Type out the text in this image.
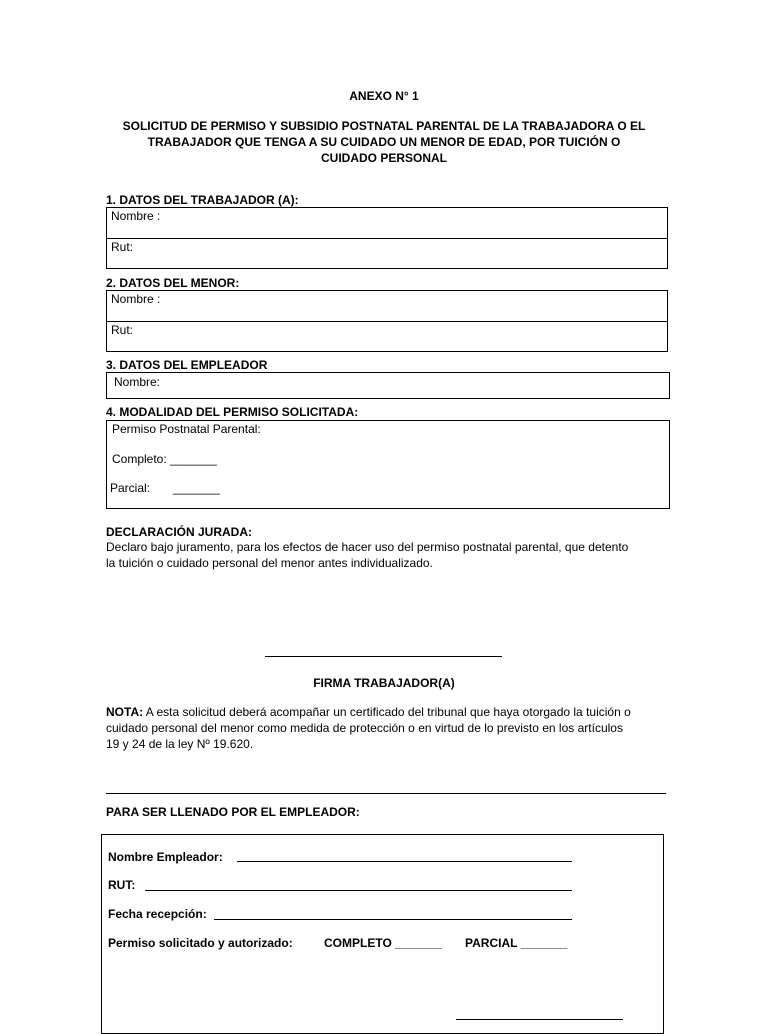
ANEXO N° 1
SOLICITUD DE PERMISO Y SUBSIDIO POSTNATAL PARENTAL DE LA TRABAJADORA O EL
TRABAJADOR QUE TENGA A SU CUIDADO UN MENOR DE EDAD, POR TUICIÓN O
CUIDADO PERSONAL
1. DATOS DEL TRABAJADOR (A):
Nombre :
Rut:
2. DATOS DEL MENOR:
Nombre :
Rut:
3. DATOS DEL EMPLEADOR
Nombre:
4. MODALIDAD DEL PERMISO SOLICITADA:
Permiso Postnatal Parental:
Completo: _______
Parcial: _______
DECLARACIÓN JURADA:
Declaro bajo juramento, para los efectos de hacer uso del permiso postnatal parental, que detento
la tuición o cuidado personal del menor antes individualizado.
FIRMA TRABAJADOR(A)
NOTA: A esta solicitud deberá acompañar un certificado del tribunal que haya otorgado la tuición o
cuidado personal del menor como medida de protección o en virtud de lo previsto en los artículos
19 y 24 de la ley Nº 19.620.
PARA SER LLENADO POR EL EMPLEADOR:
Nombre Empleador:
RUT:
Fecha recepción:
Permiso solicitado y autorizado:	COMPLETO _______ PARCIAL _______
